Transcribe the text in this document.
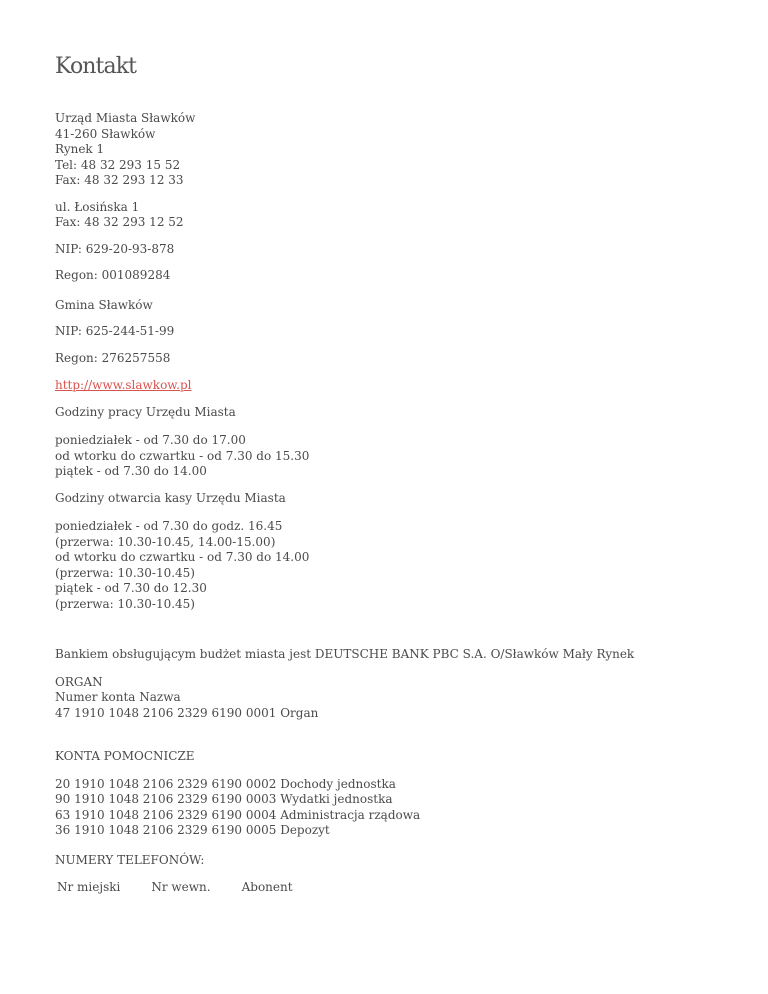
Kontakt

Urząd Miasta Sławków
41-260 Sławków
Rynek 1
Tel: 48 32 293 15 52
Fax: 48 32 293 12 33

ul. Łosińska 1
Fax: 48 32 293 12 52

NIP: 629-20-93-878

Regon: 001089284

Gmina Sławków

NIP: 625-244-51-99

Regon: 276257558

http://www.slawkow.pl

Godziny pracy Urzędu Miasta

poniedziałek - od 7.30 do 17.00
od wtorku do czwartku - od 7.30 do 15.30
piątek - od 7.30 do 14.00

Godziny otwarcia kasy Urzędu Miasta

poniedziałek - od 7.30 do godz. 16.45
(przerwa: 10.30-10.45, 14.00-15.00)
od wtorku do czwartku - od 7.30 do 14.00
(przerwa: 10.30-10.45)
piątek - od 7.30 do 12.30
(przerwa: 10.30-10.45)

Bankiem obsługującym budżet miasta jest DEUTSCHE BANK PBC S.A. O/Sławków Mały Rynek

ORGAN
Numer konta Nazwa
47 1910 1048 2106 2329 6190 0001 Organ

KONTA POMOCNICZE

20 1910 1048 2106 2329 6190 0002 Dochody jednostka
90 1910 1048 2106 2329 6190 0003 Wydatki jednostka
63 1910 1048 2106 2329 6190 0004 Administracja rządowa
36 1910 1048 2106 2329 6190 0005 Depozyt

NUMERY TELEFONÓW:

Nr miejski	Nr wewn.	Abonent
